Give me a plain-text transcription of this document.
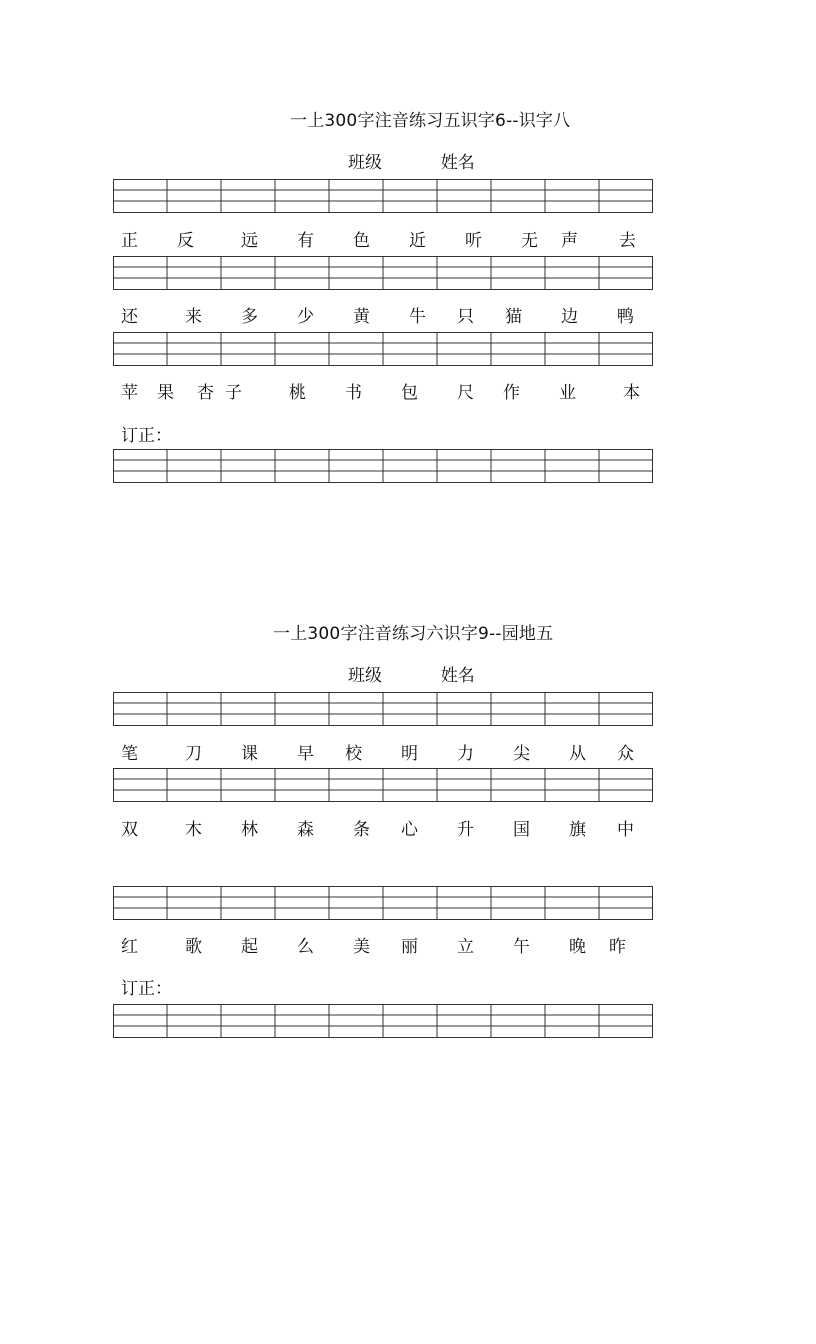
一上300字注音练习五识字6--识字八
班级	姓名
正 反	远 有 色 近 听 无 声 去
还	来 多 少 黄 牛 只 猫 边 鸭
苹 果 杏 子	桃 书 包 尺 作 业	本
订正：
一上300字注音练习六识字9--园地五
班级	姓名
笔	刀 课 早 校 明 力 尖 从 众
双	木 林 森 条 心 升 国 旗 中
红	歌 起 么 美 丽 立 午 晚 昨
订正：
